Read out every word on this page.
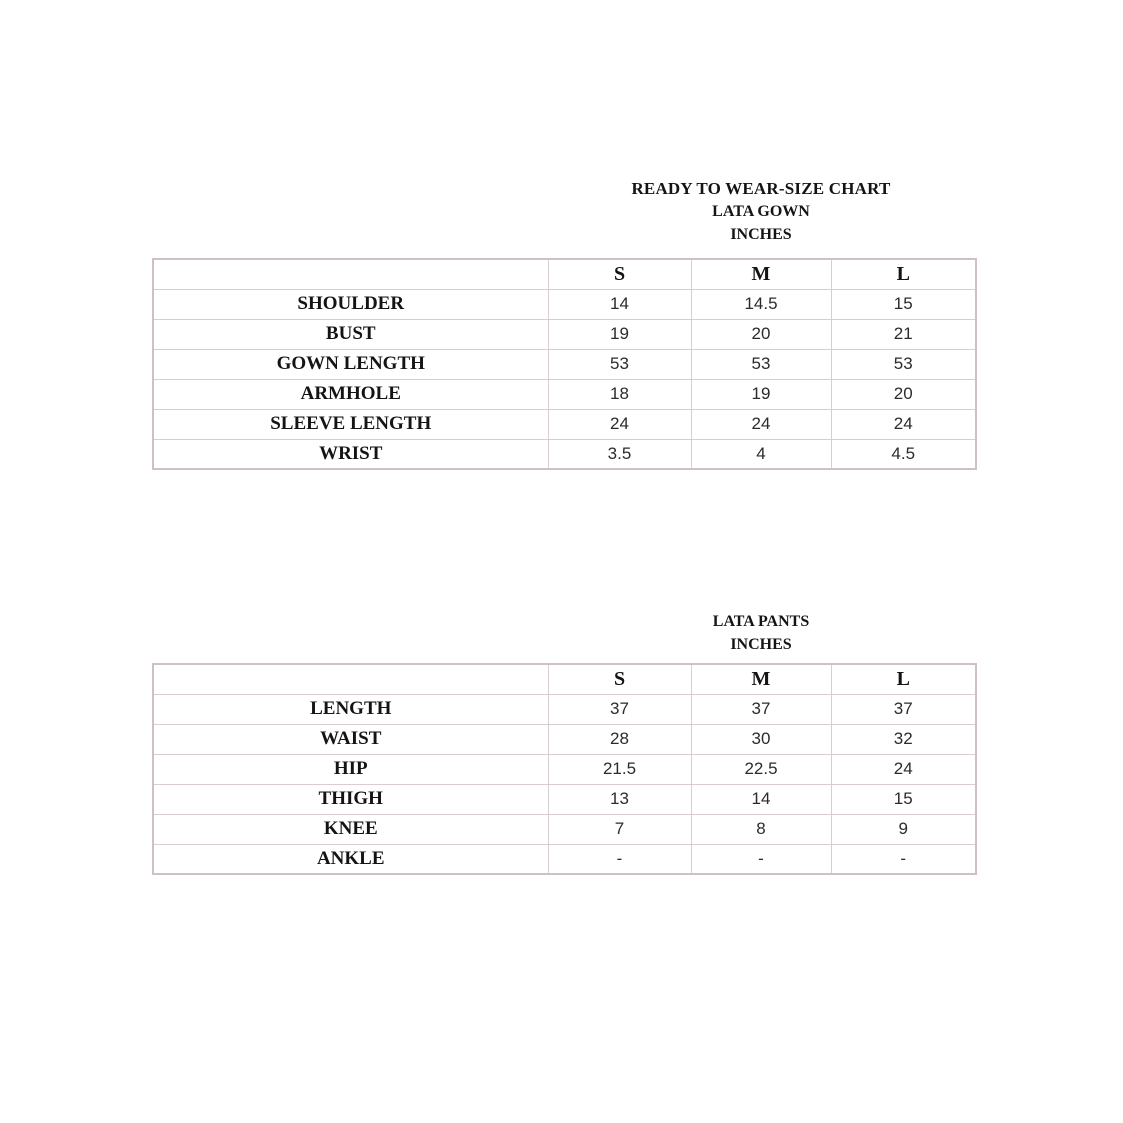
READY TO WEAR-SIZE CHART
LATA GOWN
INCHES
	S	M	L
SHOULDER	14	14.5	15
BUST	19	20	21
GOWN LENGTH	53	53	53
ARMHOLE	18	19	20
SLEEVE LENGTH	24	24	24
WRIST	3.5	4	4.5
LATA PANTS
INCHES
	S	M	L
LENGTH	37	37	37
WAIST	28	30	32
HIP	21.5	22.5	24
THIGH	13	14	15
KNEE	7	8	9
ANKLE	-	-	-
